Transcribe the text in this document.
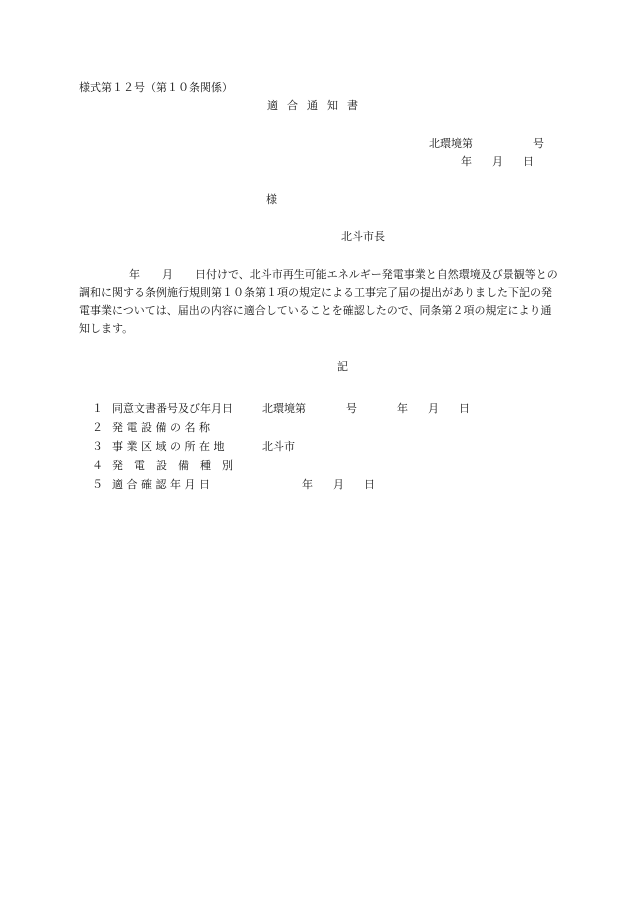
様式第１２号（第１０条関係）
適合通知書
北環境第	号
年 月 日
様
北斗市長
年 月 日付けで、北斗市再生可能エネルギー発電事業と自然環境及び景観等との調和に関する条例施行規則第１０条第１項の規定による工事完了届の提出がありました下記の発電事業については、届出の内容に適合していることを確認したので、同条第２項の規定により通知します。
記
１ 同意文書番号及び年月日	北環境第	号	年 月 日
２ 発 電 設 備 の 名 称
３ 事 業 区 域 の 所 在 地	北斗市
４ 発　電　設　備　種　別
５ 適 合 確 認 年 月 日	年 月 日
